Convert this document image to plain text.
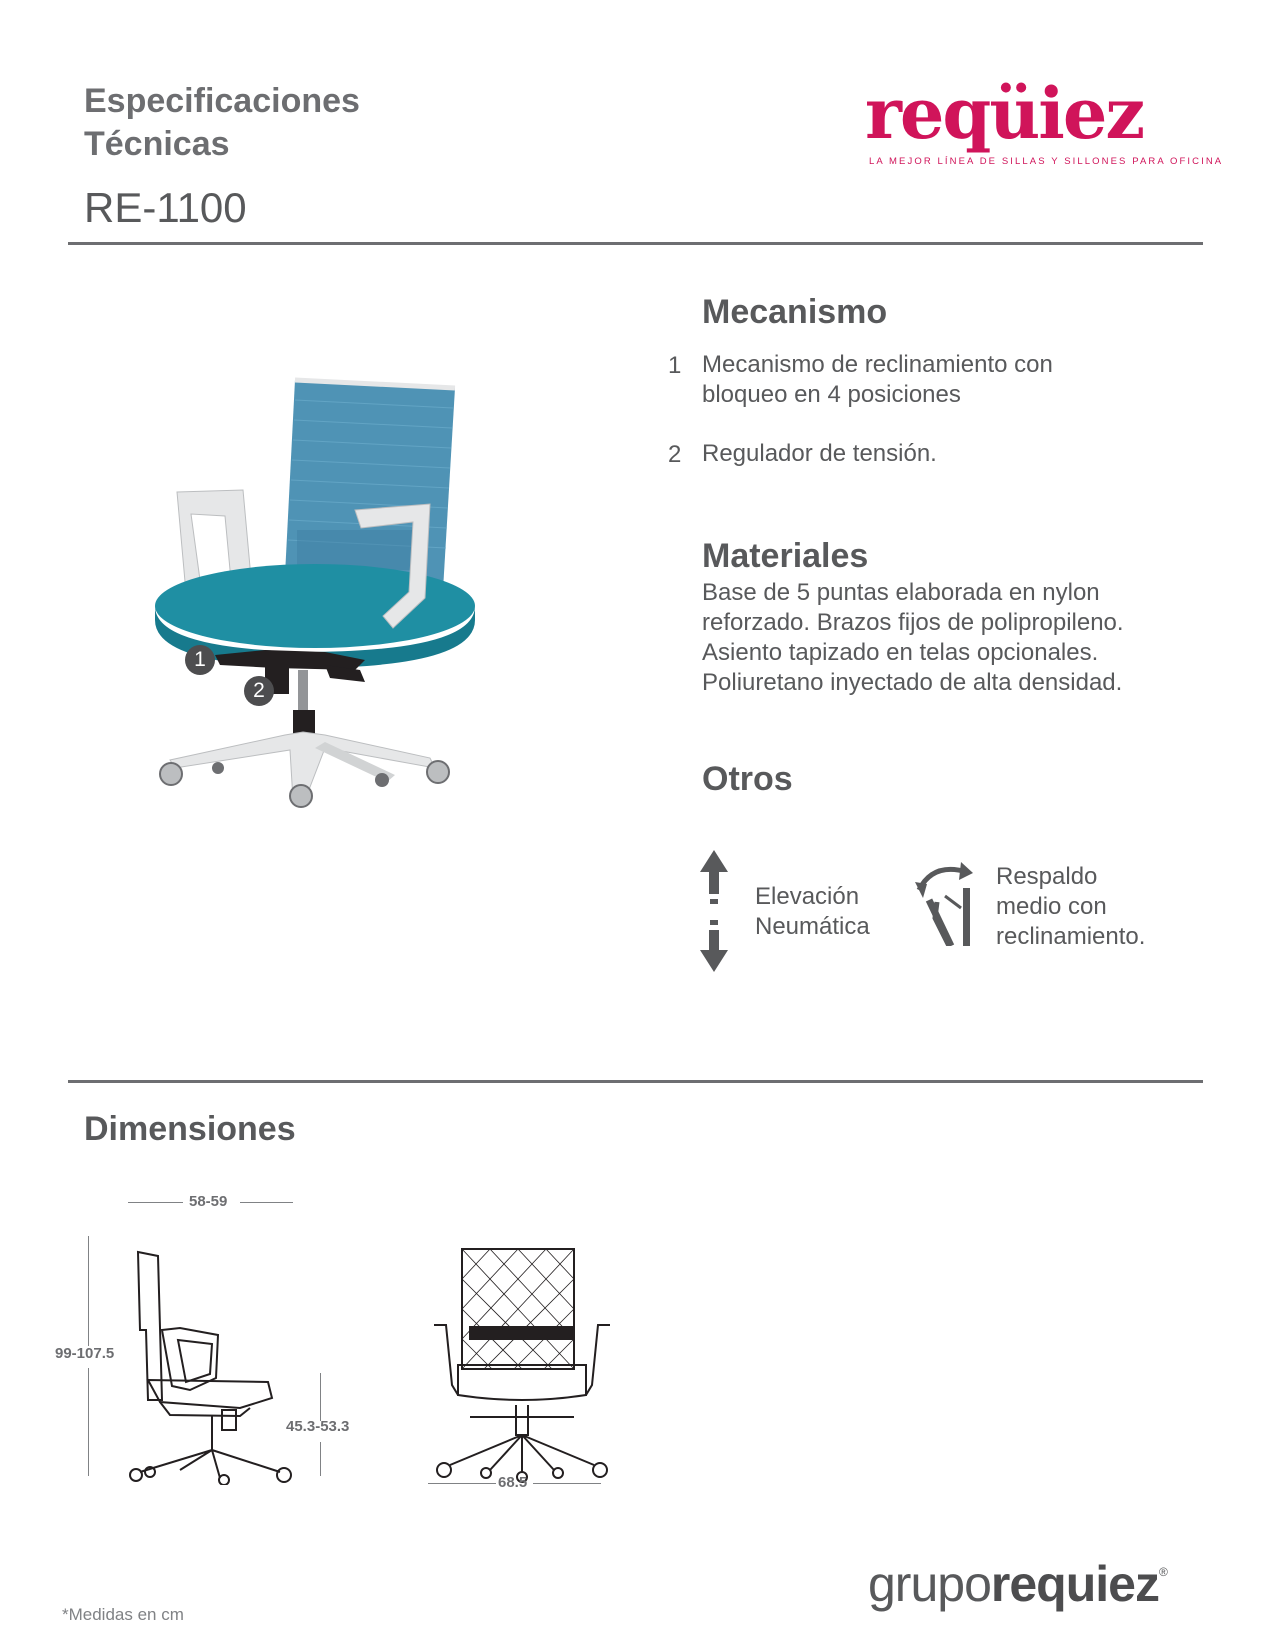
Especificaciones
Técnicas
RE-1100
reqüiez
LA MEJOR LÍNEA DE SILLAS Y SILLONES PARA OFICINA
1
2
Mecanismo
1 Mecanismo de reclinamiento con
bloqueo en 4 posiciones
2 Regulador de tensión.
Materiales
Base de 5 puntas elaborada en nylon
reforzado. Brazos fijos de polipropileno.
Asiento tapizado en telas opcionales.
Poliuretano inyectado de alta densidad.
Otros
Elevación
Neumática
Respaldo
medio con
reclinamiento.
Dimensiones
58-59
99-107.5
45.3-53.3
68.5
gruporequiez®
*Medidas en cm
